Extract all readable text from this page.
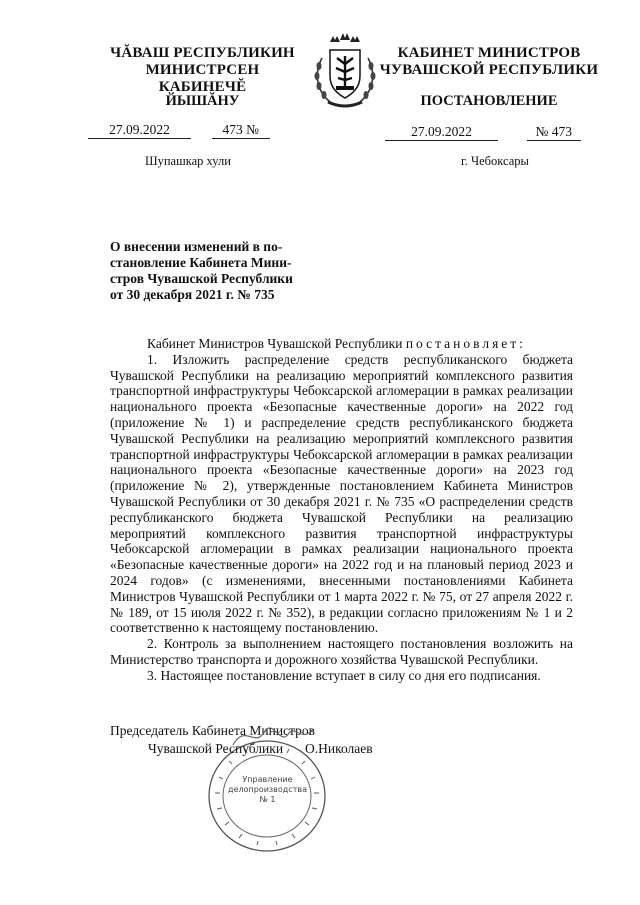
ЧĂВАШ РЕСПУБЛИКИН
МИНИСТРСЕН КАБИНЕЧĔ
ЙЫШĂНУ
КАБИНЕТ МИНИСТРОВ
ЧУВАШСКОЙ РЕСПУБЛИКИ
ПОСТАНОВЛЕНИЕ
27.09.2022	473 №	27.09.2022	№ 473
Шупашкар хули	г. Чебоксары
О внесении изменений в по-
становление Кабинета Мини-
стров Чувашской Республики
от 30 декабря 2021 г. № 735

Кабинет Министров Чувашской Республики постановляет:

1. Изложить распределение средств республиканского бюджета Чувашской Республики на реализацию мероприятий комплексного развития транспортной инфраструктуры Чебоксарской агломерации в рамках реализации национального проекта «Безопасные качественные дороги» на 2022 год (приложение № 1) и распределение средств республиканского бюджета Чувашской Республики на реализацию мероприятий комплексного развития транспортной инфраструктуры Чебоксарской агломерации в рамках реализации национального проекта «Безопасные качественные дороги» на 2023 год (приложение № 2), утвержденные постановлением Кабинета Министров Чувашской Республики от 30 декабря 2021 г. № 735 «О распределении средств республиканского бюджета Чувашской Республики на реализацию мероприятий комплексного развития транспортной инфраструктуры Чебоксарской агломерации в рамках реализации национального проекта «Безопасные качественные дороги» на 2022 год и на плановый период 2023 и 2024 годов» (с изменениями, внесенными постановлениями Кабинета Министров Чувашской Республики от 1 марта 2022 г. № 75, от 27 апреля 2022 г. № 189, от 15 июля 2022 г. № 352), в редакции согласно приложениям № 1 и 2 соответственно к настоящему постановлению.

2. Контроль за выполнением настоящего постановления возложить на Министерство транспорта и дорожного хозяйства Чувашской Республики.

3. Настоящее постановление вступает в силу со дня его подписания.

Управление
делопроизводства
№ 1
Председатель Кабинета Министров
Чувашской Республики О.Николаев
